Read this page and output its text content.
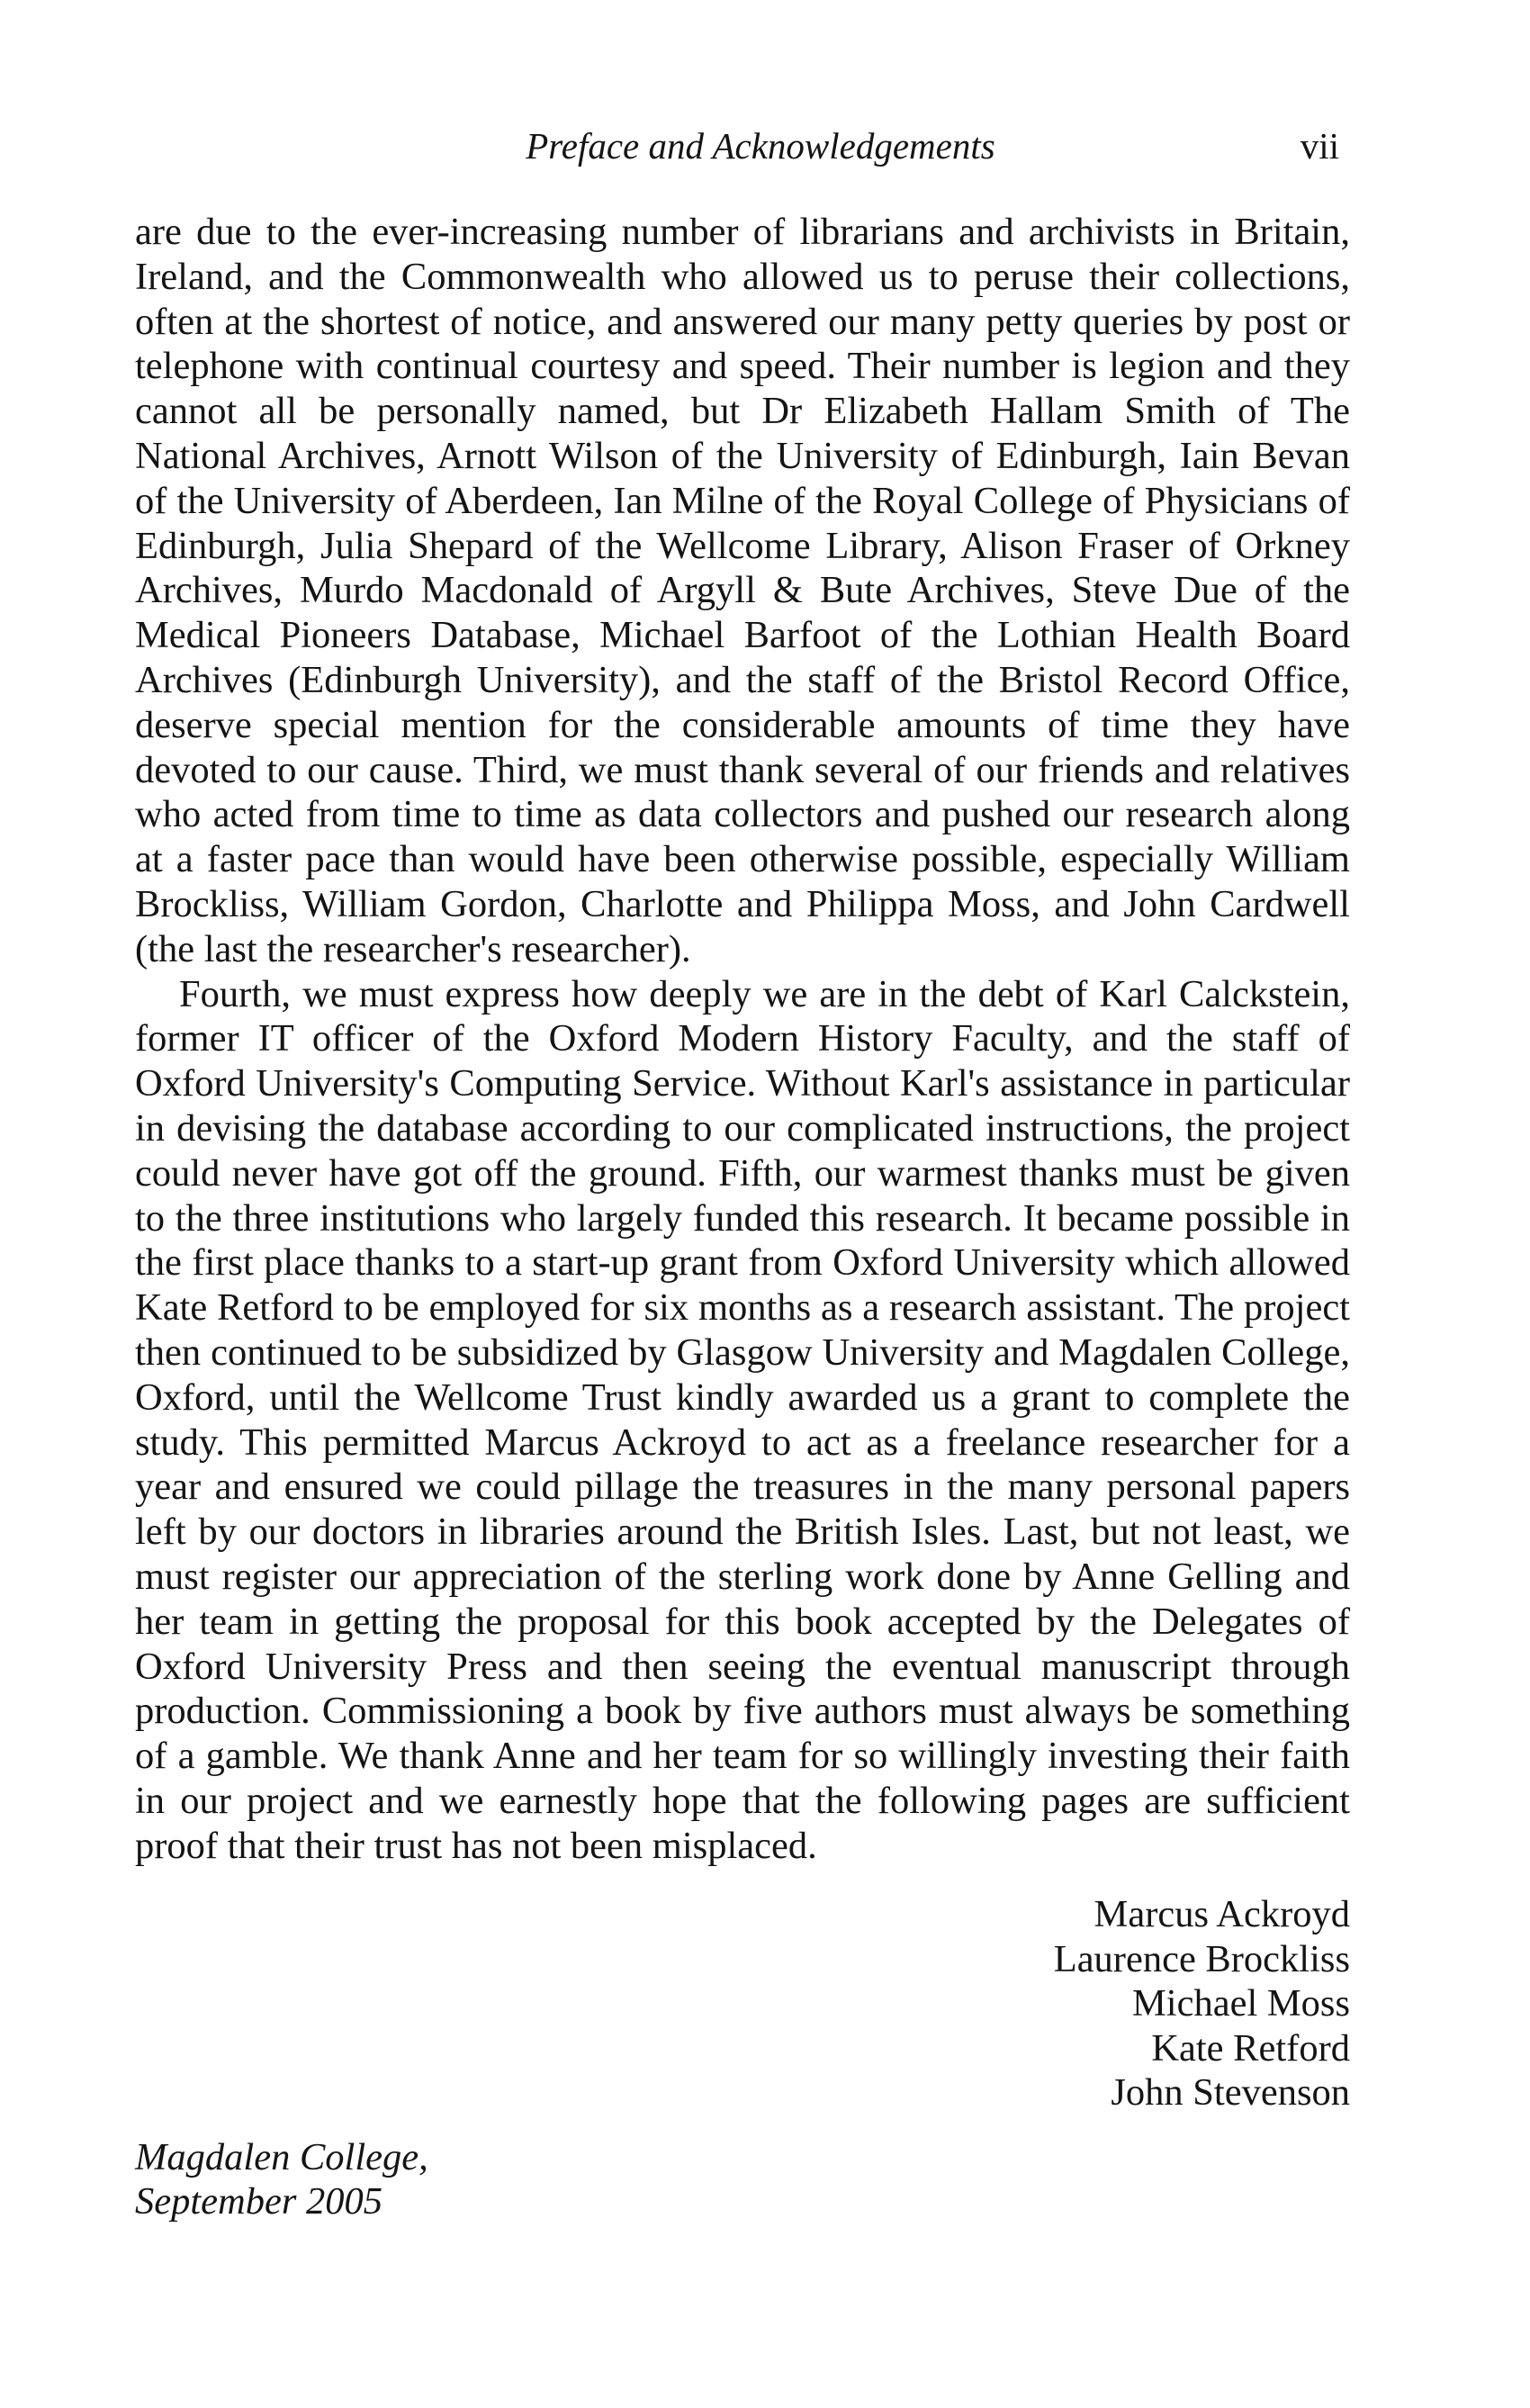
Preface and Acknowledgements	vii

are due to the ever-increasing number of librarians and archivists in Britain, Ireland, and the Commonwealth who allowed us to peruse their collections, often at the shortest of notice, and answered our many petty queries by post or telephone with continual courtesy and speed. Their number is legion and they cannot all be personally named, but Dr Elizabeth Hallam Smith of The National Archives, Arnott Wilson of the University of Edinburgh, Iain Bevan of the University of Aberdeen, Ian Milne of the Royal College of Physicians of Edinburgh, Julia Shepard of the Wellcome Library, Alison Fraser of Orkney Archives, Murdo Macdonald of Argyll & Bute Archives, Steve Due of the Medical Pioneers Database, Michael Barfoot of the Lothian Health Board Archives (Edinburgh University), and the staff of the Bristol Record Office, deserve special mention for the considerable amounts of time they have devoted to our cause. Third, we must thank several of our friends and relatives who acted from time to time as data collectors and pushed our research along at a faster pace than would have been otherwise possible, especially William Brockliss, William Gordon, Charlotte and Philippa Moss, and John Cardwell (the last the researcher's researcher).

Fourth, we must express how deeply we are in the debt of Karl Calckstein, former IT officer of the Oxford Modern History Faculty, and the staff of Oxford University's Computing Service. Without Karl's assistance in particular in devising the database according to our complicated instructions, the project could never have got off the ground. Fifth, our warmest thanks must be given to the three institutions who largely funded this research. It became possible in the first place thanks to a start-up grant from Oxford University which allowed Kate Retford to be employed for six months as a research assistant. The project then continued to be subsidized by Glasgow University and Magdalen College, Oxford, until the Wellcome Trust kindly awarded us a grant to complete the study. This permitted Marcus Ackroyd to act as a freelance researcher for a year and ensured we could pillage the treasures in the many personal papers left by our doctors in libraries around the British Isles. Last, but not least, we must register our appreciation of the sterling work done by Anne Gelling and her team in getting the proposal for this book accepted by the Delegates of Oxford University Press and then seeing the eventual manuscript through production. Commissioning a book by five authors must always be something of a gamble. We thank Anne and her team for so willingly investing their faith in our project and we earnestly hope that the following pages are sufficient proof that their trust has not been misplaced.

Marcus Ackroyd
Laurence Brockliss
Michael Moss
Kate Retford
John Stevenson
Magdalen College,
September 2005
